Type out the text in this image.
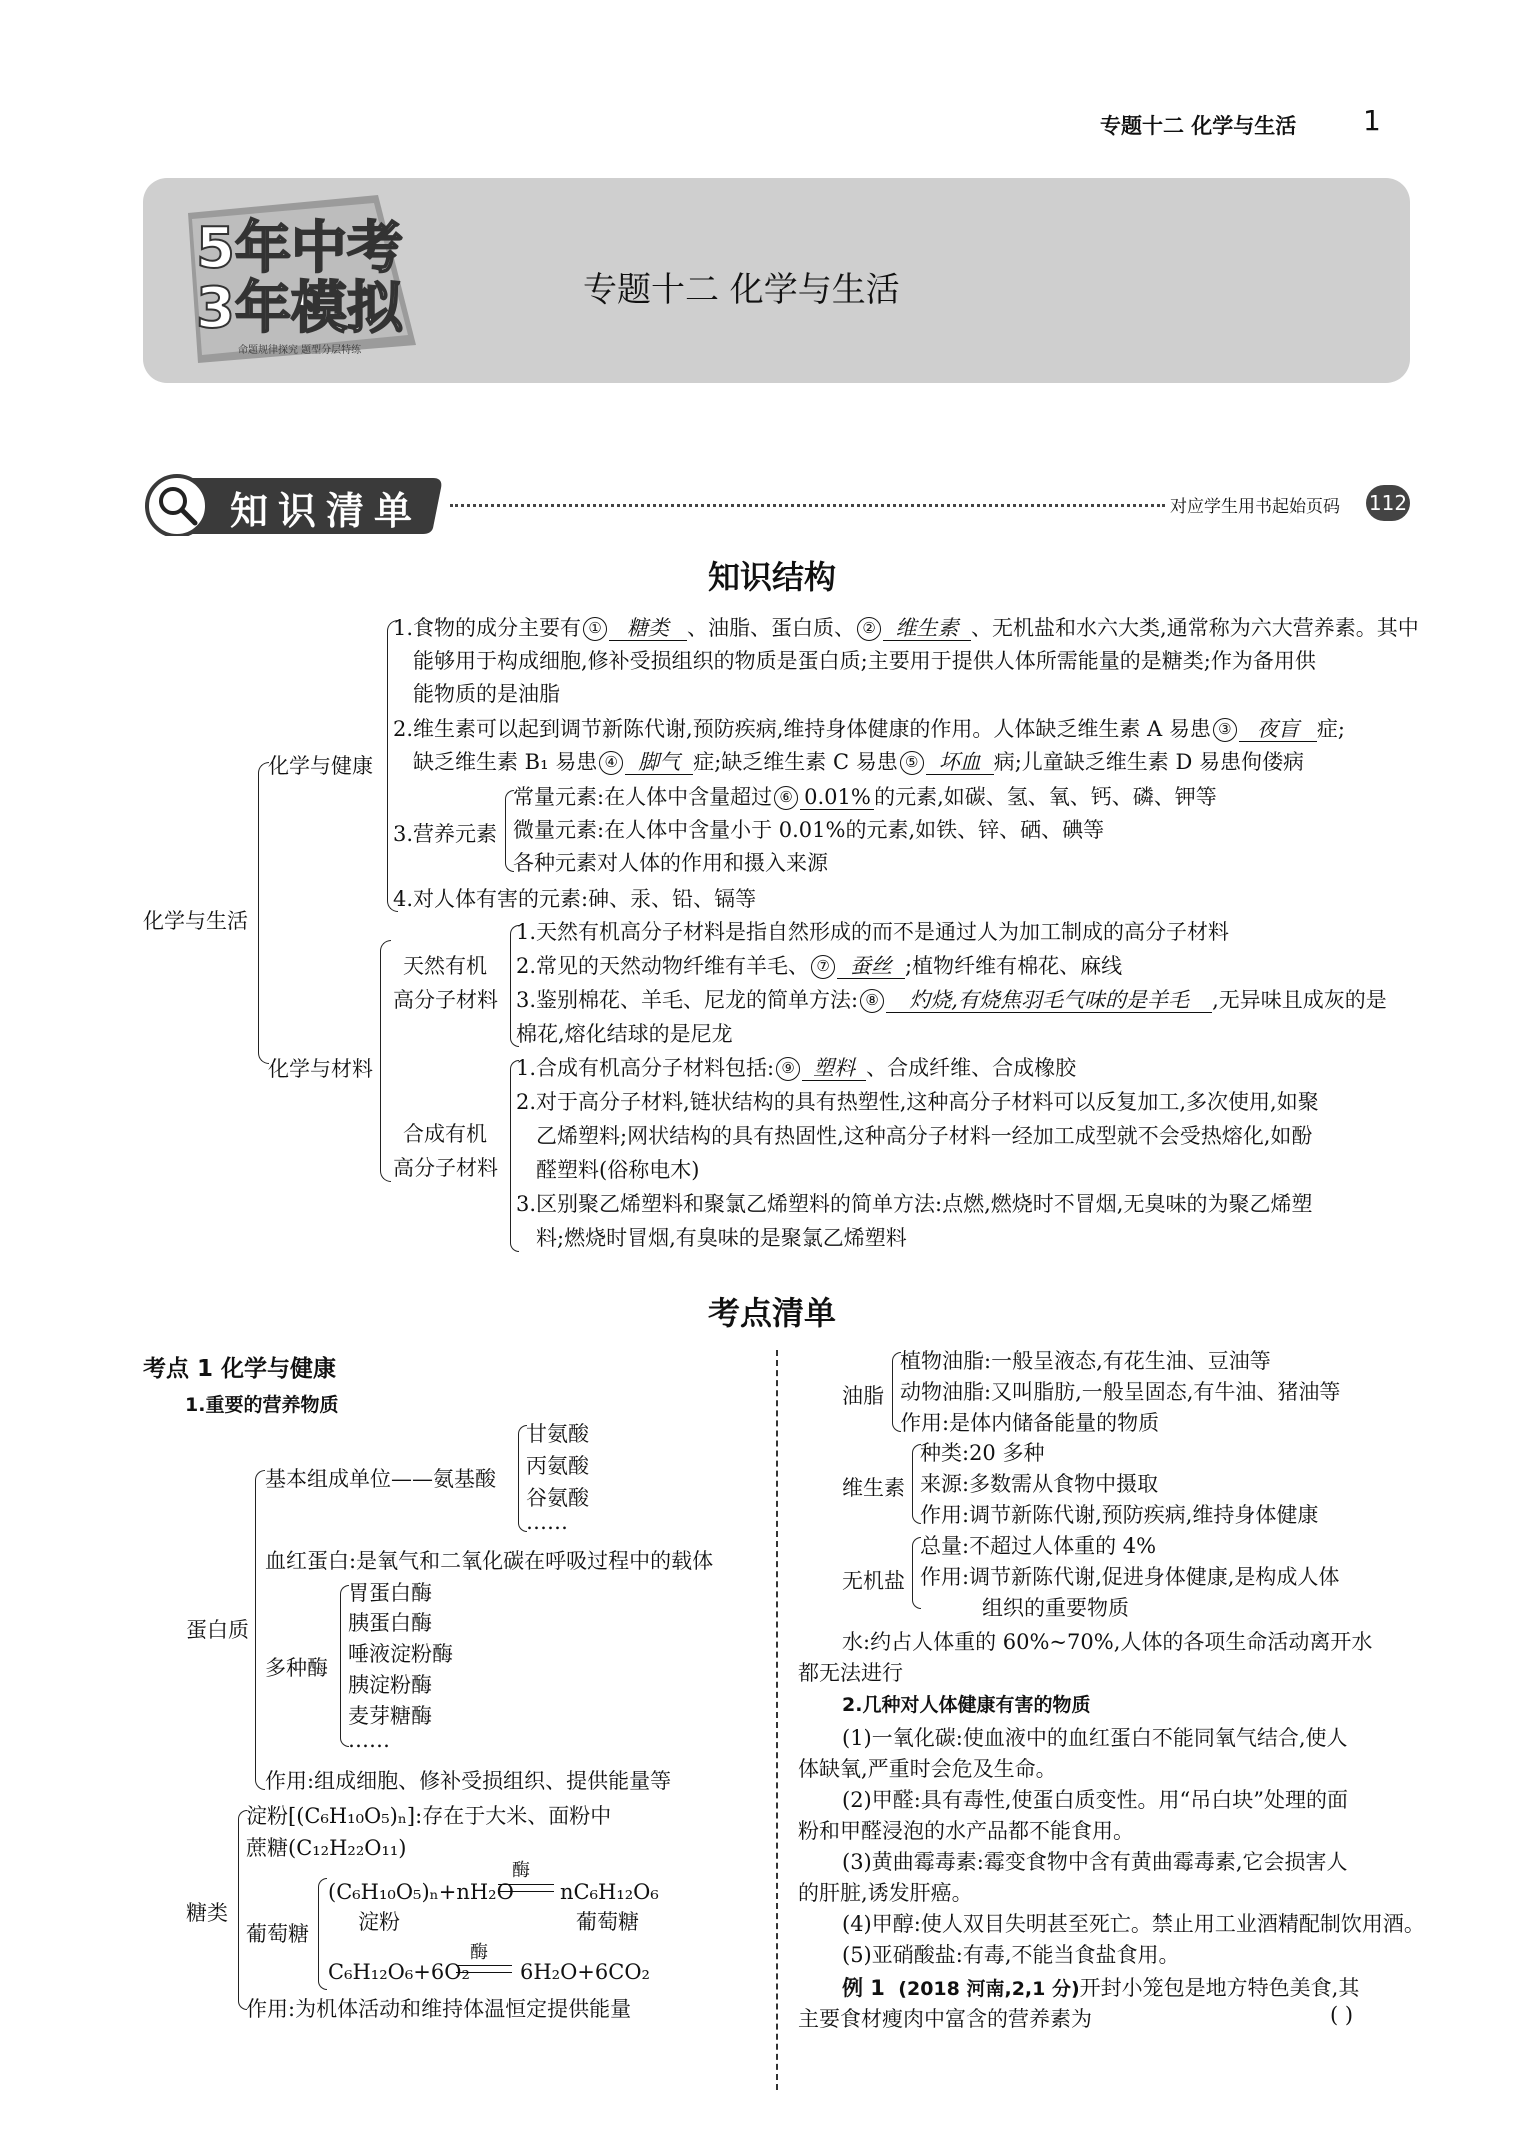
专题十二 化学与生活 1
5年中考
3年模拟
命题规律探究 题型分层特练
专题十二 化学与生活
知识清单	对应学生用书起始页码 112
知识结构
化学与生活
化学与健康
1.食物的成分主要有 ① 糖类 、油脂、蛋白质、 ② 维生素 、无机盐和水六大类,通常称为六大营养素。其中
能够用于构成细胞,修补受损组织的物质是蛋白质;主要用于提供人体所需能量的是糖类;作为备用供
能物质的是油脂
2.维生素可以起到调节新陈代谢,预防疾病,维持身体健康的作用。人体缺乏维生素 A 易患 ③ 夜盲 症;
缺乏维生素 B₁ 易患 ④ 脚气 症;缺乏维生素 C 易患 ⑤ 坏血 病;儿童缺乏维生素 D 易患佝偻病
3.营养元素
常量元素:在人体中含量超过 ⑥ 0.01% 的元素,如碳、氢、氧、钙、磷、钾等
微量元素:在人体中含量小于 0.01%的元素,如铁、锌、硒、碘等
各种元素对人体的作用和摄入来源
4.对人体有害的元素:砷、汞、铅、镉等
化学与材料
天然有机
高分子材料
1.天然有机高分子材料是指自然形成的而不是通过人为加工制成的高分子材料
2.常见的天然动物纤维有羊毛、 ⑦ 蚕丝 ;植物纤维有棉花、麻线
3.鉴别棉花、羊毛、尼龙的简单方法: ⑧ 灼烧,有烧焦羽毛气味的是羊毛 ,无异味且成灰的是
棉花,熔化结球的是尼龙
合成有机
高分子材料
1.合成有机高分子材料包括: ⑨ 塑料 、合成纤维、合成橡胶
2.对于高分子材料,链状结构的具有热塑性,这种高分子材料可以反复加工,多次使用,如聚
乙烯塑料;网状结构的具有热固性,这种高分子材料一经加工成型就不会受热熔化,如酚
醛塑料(俗称电木)
3.区别聚乙烯塑料和聚氯乙烯塑料的简单方法:点燃,燃烧时不冒烟,无臭味的为聚乙烯塑
料;燃烧时冒烟,有臭味的是聚氯乙烯塑料
考点清单
考点 1 化学与健康
1.重要的营养物质
蛋白质
基本组成单位——氨基酸
甘氨酸
丙氨酸
谷氨酸
……
血红蛋白:是氧气和二氧化碳在呼吸过程中的载体
多种酶
胃蛋白酶
胰蛋白酶
唾液淀粉酶
胰淀粉酶
麦芽糖酶
……
作用:组成细胞、修补受损组织、提供能量等
糖类
淀粉[(C₆H₁₀O₅)ₙ]:存在于大米、面粉中
蔗糖(C₁₂H₂₂O₁₁)
葡萄糖
(C₆H₁₀O₅)ₙ+nH₂O
淀粉
酶
nC₆H₁₂O₆
葡萄糖
C₆H₁₂O₆+6O₂
酶
6H₂O+6CO₂
作用:为机体活动和维持体温恒定提供能量
油脂
植物油脂:一般呈液态,有花生油、豆油等
动物油脂:又叫脂肪,一般呈固态,有牛油、猪油等
作用:是体内储备能量的物质
维生素
种类:20 多种
来源:多数需从食物中摄取
作用:调节新陈代谢,预防疾病,维持身体健康
无机盐
总量:不超过人体重的 4%
作用:调节新陈代谢,促进身体健康,是构成人体
组织的重要物质
水:约占人体重的 60%~70%,人体的各项生命活动离开水
都无法进行
2.几种对人体健康有害的物质
(1)一氧化碳:使血液中的血红蛋白不能同氧气结合,使人
体缺氧,严重时会危及生命。
(2)甲醛:具有毒性,使蛋白质变性。用“吊白块”处理的面
粉和甲醛浸泡的水产品都不能食用。
(3)黄曲霉毒素:霉变食物中含有黄曲霉毒素,它会损害人
的肝脏,诱发肝癌。
(4)甲醇:使人双目失明甚至死亡。禁止用工业酒精配制饮用酒。
(5)亚硝酸盐:有毒,不能当食盐食用。
例 1 (2018 河南,2,1 分)开封小笼包是地方特色美食,其
主要食材瘦肉中富含的营养素为	( )
